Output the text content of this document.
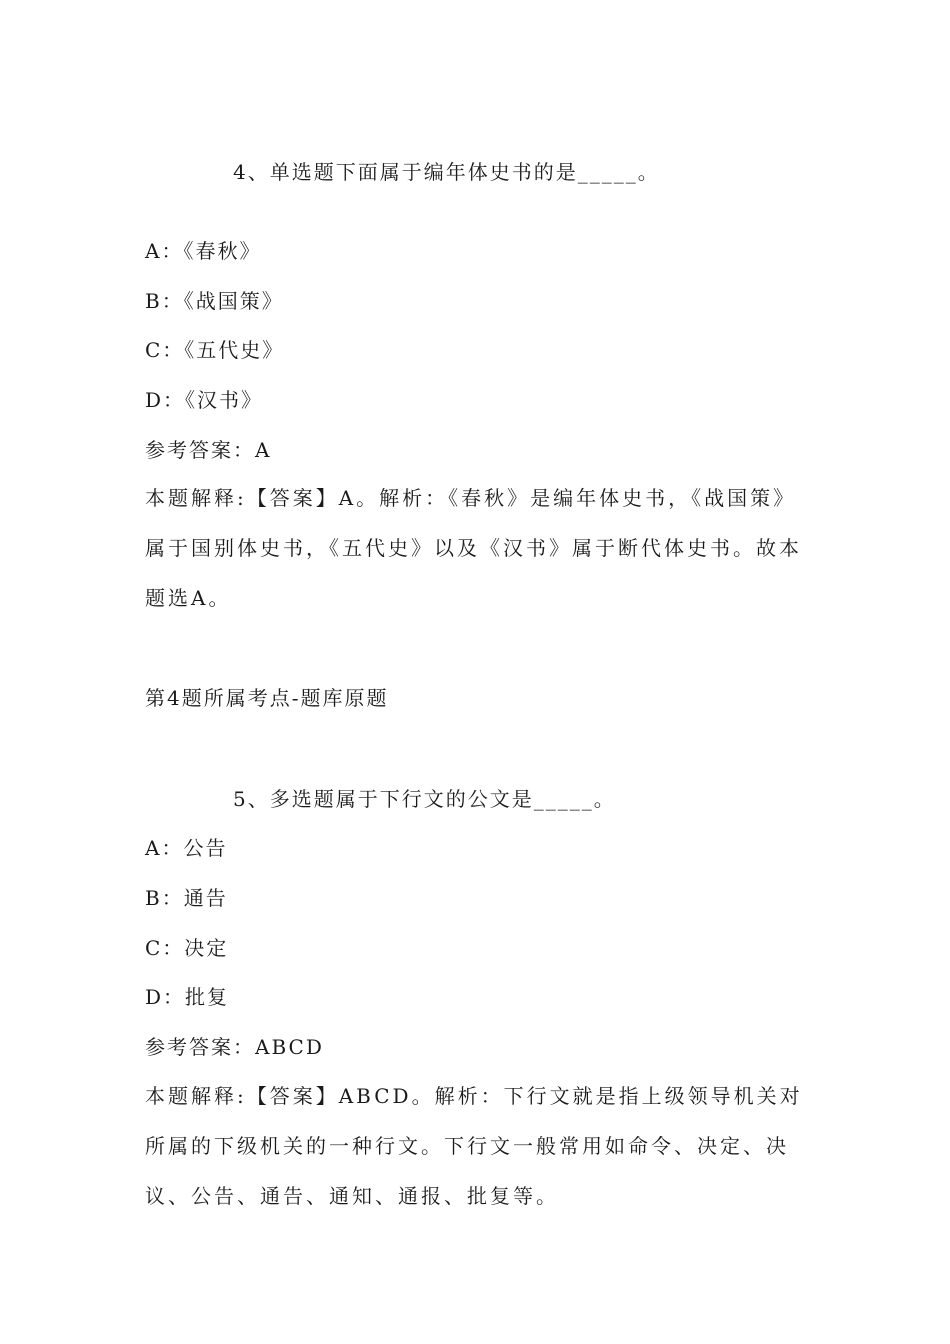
4、单选题下面属于编年体史书的是_____。
A：《春秋》
B：《战国策》
C：《五代史》
D：《汉书》
参考答案：A
本题解释:【答案】A。解析：《春秋》是编年体史书，《战国策》属于国别体史书，《五代史》以及《汉书》属于断代体史书。故本题选A。
第4题所属考点-题库原题
5、多选题属于下行文的公文是_____。
A：公告
B：通告
C：决定
D：批复
参考答案：ABCD
本题解释:【答案】ABCD。解析：下行文就是指上级领导机关对所属的下级机关的一种行文。下行文一般常用如命令、决定、决议、公告、通告、通知、通报、批复等。
